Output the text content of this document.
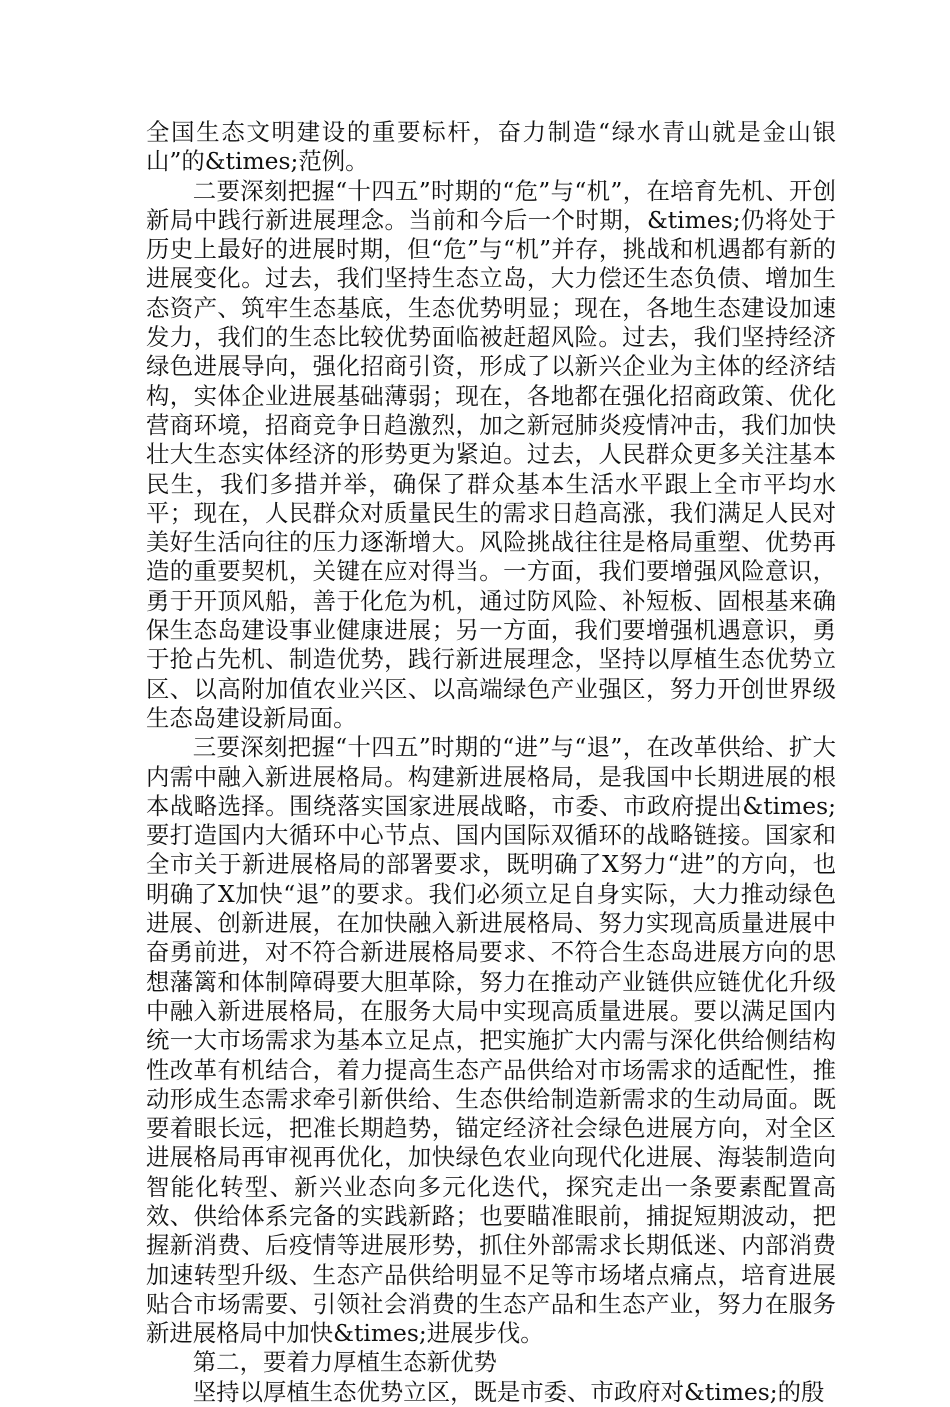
全国生态文明建设的重要标杆，奋力制造“绿水青山就是金山银山”的&times;范例。

二要深刻把握“十四五”时期的“危”与“机”，在培育先机、开创新局中践行新进展理念。当前和今后一个时期，&times;仍将处于历史上最好的进展时期，但“危”与“机”并存，挑战和机遇都有新的进展变化。过去，我们坚持生态立岛，大力偿还生态负债、增加生态资产、筑牢生态基底，生态优势明显；现在，各地生态建设加速发力，我们的生态比较优势面临被赶超风险。过去，我们坚持经济绿色进展导向，强化招商引资，形成了以新兴企业为主体的经济结构，实体企业进展基础薄弱；现在，各地都在强化招商政策、优化营商环境，招商竞争日趋激烈，加之新冠肺炎疫情冲击，我们加快壮大生态实体经济的形势更为紧迫。过去，人民群众更多关注基本民生，我们多措并举，确保了群众基本生活水平跟上全市平均水平；现在，人民群众对质量民生的需求日趋高涨，我们满足人民对美好生活向往的压力逐渐增大。风险挑战往往是格局重塑、优势再造的重要契机，关键在应对得当。一方面，我们要增强风险意识，勇于开顶风船，善于化危为机，通过防风险、补短板、固根基来确保生态岛建设事业健康进展；另一方面，我们要增强机遇意识，勇于抢占先机、制造优势，践行新进展理念，坚持以厚植生态优势立区、以高附加值农业兴区、以高端绿色产业强区，努力开创世界级生态岛建设新局面。

三要深刻把握“十四五”时期的“进”与“退”，在改革供给、扩大内需中融入新进展格局。构建新进展格局，是我国中长期进展的根本战略选择。围绕落实国家进展战略，市委、市政府提出&times;要打造国内大循环中心节点、国内国际双循环的战略链接。国家和全市关于新进展格局的部署要求，既明确了X努力“进”的方向，也明确了X加快“退”的要求。我们必须立足自身实际，大力推动绿色进展、创新进展，在加快融入新进展格局、努力实现高质量进展中奋勇前进，对不符合新进展格局要求、不符合生态岛进展方向的思想藩篱和体制障碍要大胆革除，努力在推动产业链供应链优化升级中融入新进展格局，在服务大局中实现高质量进展。要以满足国内统一大市场需求为基本立足点，把实施扩大内需与深化供给侧结构性改革有机结合，着力提高生态产品供给对市场需求的适配性，推动形成生态需求牵引新供给、生态供给制造新需求的生动局面。既要着眼长远，把准长期趋势，锚定经济社会绿色进展方向，对全区进展格局再审视再优化，加快绿色农业向现代化进展、海装制造向智能化转型、新兴业态向多元化迭代，探究走出一条要素配置高效、供给体系完备的实践新路；也要瞄准眼前，捕捉短期波动，把握新消费、后疫情等进展形势，抓住外部需求长期低迷、内部消费加速转型升级、生态产品供给明显不足等市场堵点痛点，培育进展贴合市场需要、引领社会消费的生态产品和生态产业，努力在服务新进展格局中加快&times;进展步伐。

第二，要着力厚植生态新优势

坚持以厚植生态优势立区，既是市委、市政府对&times;的殷
